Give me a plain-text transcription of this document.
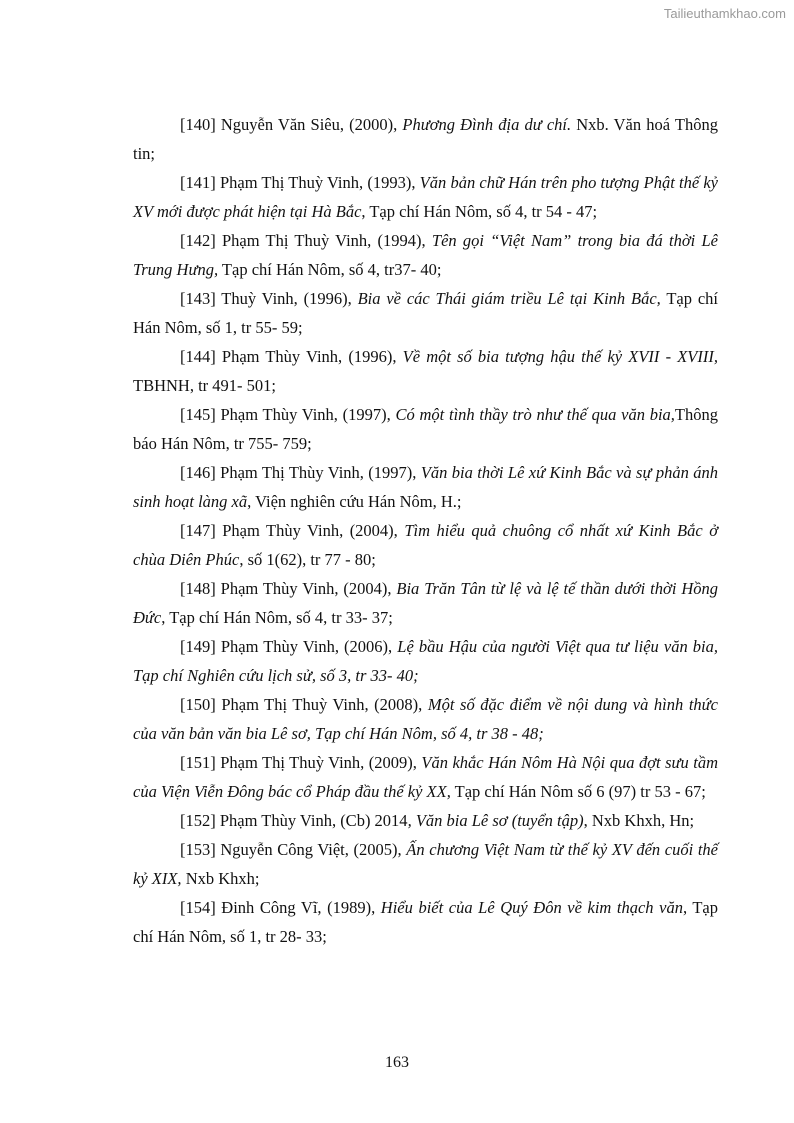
Tailieuthamkhao.com

[140] Nguyễn Văn Siêu, (2000), Phương Đình địa dư chí. Nxb. Văn hoá Thông tin;

[141] Phạm Thị Thuỳ Vinh, (1993), Văn bản chữ Hán trên pho tượng Phật thế kỷ XV mới được phát hiện tại Hà Bắc, Tạp chí Hán Nôm, số 4, tr 54 - 47;

[142] Phạm Thị Thuỳ Vinh, (1994), Tên gọi “Việt Nam” trong bia đá thời Lê Trung Hưng, Tạp chí Hán Nôm, số 4, tr37- 40;

[143] Thuỳ Vinh, (1996), Bia về các Thái giám triều Lê tại Kinh Bắc, Tạp chí Hán Nôm, số 1, tr 55- 59;

[144] Phạm Thùy Vinh, (1996), Về một số bia tượng hậu thế kỷ XVII - XVIII, TBHNH, tr 491- 501;

[145] Phạm Thùy Vinh, (1997), Có một tình thầy trò như thế qua văn bia,Thông báo Hán Nôm, tr 755- 759;

[146] Phạm Thị Thùy Vinh, (1997), Văn bia thời Lê xứ Kinh Bắc và sự phản ánh sinh hoạt làng xã, Viện nghiên cứu Hán Nôm, H.;

[147] Phạm Thùy Vinh, (2004), Tìm hiểu quả chuông cổ nhất xứ Kinh Bắc ở chùa Diên Phúc, số 1(62), tr 77 - 80;

[148] Phạm Thùy Vinh, (2004), Bia Trăn Tân từ lệ và lệ tế thần dưới thời Hồng Đức, Tạp chí Hán Nôm, số 4, tr 33- 37;

[149] Phạm Thùy Vinh, (2006), Lệ bầu Hậu của người Việt qua tư liệu văn bia, Tạp chí Nghiên cứu lịch sử, số 3, tr 33- 40;

[150] Phạm Thị Thuỳ Vinh, (2008), Một số đặc điểm về nội dung và hình thức của văn bản văn bia Lê sơ, Tạp chí Hán Nôm, số 4, tr 38 - 48;

[151] Phạm Thị Thuỳ Vinh, (2009), Văn khắc Hán Nôm Hà Nội qua đợt sưu tầm của Viện Viễn Đông bác cổ Pháp đầu thế kỷ XX, Tạp chí Hán Nôm số 6 (97) tr 53 - 67;

[152] Phạm Thùy Vinh, (Cb) 2014, Văn bia Lê sơ (tuyển tập), Nxb Khxh, Hn;

[153] Nguyễn Công Việt, (2005), Ấn chương Việt Nam từ thế kỷ XV đến cuối thế kỷ XIX, Nxb Khxh;

[154] Đinh Công Vĩ, (1989), Hiểu biết của Lê Quý Đôn về kim thạch văn, Tạp chí Hán Nôm, số 1, tr 28- 33;

163
